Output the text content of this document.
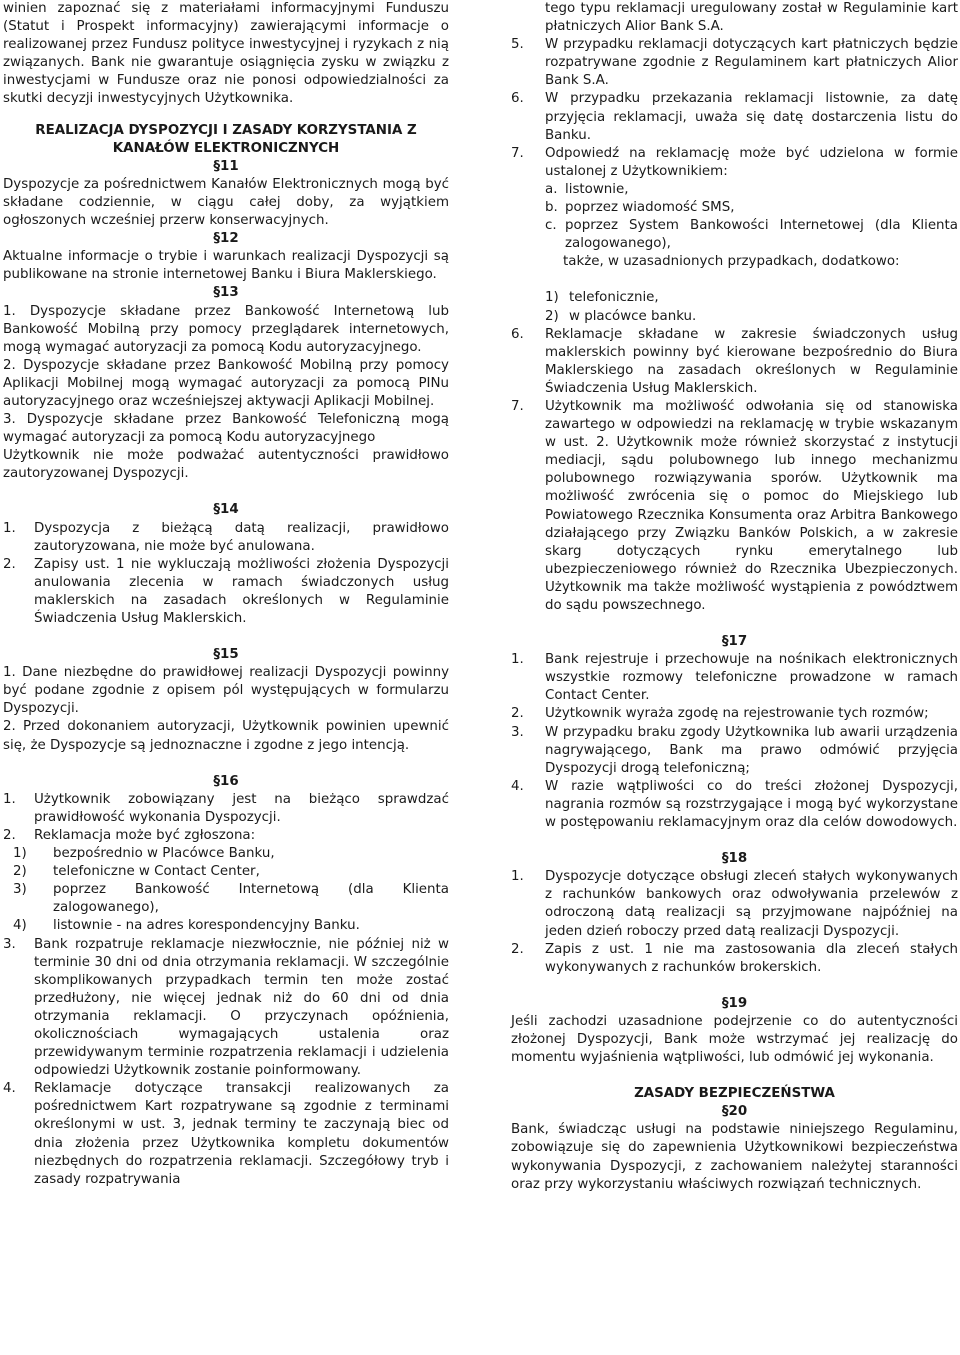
winien zapoznać się z materiałami informacyjnymi Funduszu (Statut i Prospekt informacyjny) zawierającymi informacje o realizowanej przez Fundusz polityce inwestycyjnej i ryzykach z nią związanych. Bank nie gwarantuje osiągnięcia zysku w związku z inwestycjami w Fundusze oraz nie ponosi odpowiedzialności za skutki decyzji inwestycyjnych Użytkownika.

REALIZACJA DYSPOZYCJI I ZASADY KORZYSTANIA Z KANAŁÓW ELEKTRONICZNYCH

§11

Dyspozycje za pośrednictwem Kanałów Elektronicznych mogą być składane codziennie, w ciągu całej doby, za wyjątkiem ogłoszonych wcześniej przerw konserwacyjnych.

§12

Aktualne informacje o trybie i warunkach realizacji Dyspozycji są publikowane na stronie internetowej Banku i Biura Maklerskiego.

§13

1. Dyspozycje składane przez Bankowość Internetową lub Bankowość Mobilną przy pomocy przeglądarek internetowych, mogą wymagać autoryzacji za pomocą Kodu autoryzacyjnego.

2. Dyspozycje składane przez Bankowość Mobilną przy pomocy Aplikacji Mobilnej mogą wymagać autoryzacji za pomocą PINu autoryzacyjnego oraz wcześniejszej aktywacji Aplikacji Mobilnej.

3. Dyspozycje składane przez Bankowość Telefoniczną mogą wymagać autoryzacji za pomocą Kodu autoryzacyjnego

Użytkownik nie może podważać autentyczności prawidłowo zautoryzowanej Dyspozycji.

§14

1.	Dyspozycja z bieżącą datą realizacji, prawidłowo zautoryzowana, nie może być anulowana.
2.	Zapisy ust. 1 nie wykluczają możliwości złożenia Dyspozycji anulowania zlecenia w ramach świadczonych usług maklerskich na zasadach określonych w Regulaminie Świadczenia Usług Maklerskich.

§15

1. Dane niezbędne do prawidłowej realizacji Dyspozycji powinny być podane zgodnie z opisem pól występujących w formularzu Dyspozycji.

2. Przed dokonaniem autoryzacji, Użytkownik powinien upewnić się, że Dyspozycje są jednoznaczne i zgodne z jego intencją.

§16

1.	Użytkownik zobowiązany jest na bieżąco sprawdzać prawidłowość wykonania Dyspozycji.
2.	Reklamacja może być zgłoszona:
1)	bezpośrednio w Placówce Banku,
2)	telefoniczne w Contact Center,
3)	poprzez Bankowość Internetową (dla Klienta zalogowanego),
4)	listownie - na adres korespondencyjny Banku.
3.	Bank rozpatruje reklamacje niezwłocznie, nie później niż w terminie 30 dni od dnia otrzymania reklamacji. W szczególnie skomplikowanych przypadkach termin ten może zostać przedłużony, nie więcej jednak niż do 60 dni od dnia otrzymania reklamacji. O przyczynach opóźnienia, okolicznościach wymagających ustalenia oraz przewidywanym terminie rozpatrzenia reklamacji i udzielenia odpowiedzi Użytkownik zostanie poinformowany.
4.	Reklamacje dotyczące transakcji realizowanych za pośrednictwem Kart rozpatrywane są zgodnie z terminami określonymi w ust. 3, jednak terminy te zaczynają biec od dnia złożenia przez Użytkownika kompletu dokumentów niezbędnych do rozpatrzenia reklamacji. Szczegółowy tryb i zasady rozpatrywania

tego typu reklamacji uregulowany został w Regulaminie kart płatniczych Alior Bank S.A.

5.	W przypadku reklamacji dotyczących kart płatniczych będzie rozpatrywane zgodnie z Regulaminem kart płatniczych Alior Bank S.A.
6.	W przypadku przekazania reklamacji listownie, za datę przyjęcia reklamacji, uważa się datę dostarczenia listu do Banku.
7.	Odpowiedź na reklamację może być udzielona w formie ustalonej z Użytkownikiem:
a. listownie,
b. poprzez wiadomość SMS,
c. poprzez System Bankowości Internetowej (dla Klienta zalogowanego),

także, w uzasadnionych przypadkach, dodatkowo:

1) telefonicznie,
2) w placówce banku.
6.	Reklamacje składane w zakresie świadczonych usług maklerskich powinny być kierowane bezpośrednio do Biura Maklerskiego na zasadach określonych w Regulaminie Świadczenia Usług Maklerskich.
7.	Użytkownik ma możliwość odwołania się od stanowiska zawartego w odpowiedzi na reklamację w trybie wskazanym w ust. 2. Użytkownik może również skorzystać z instytucji mediacji, sądu polubownego lub innego mechanizmu polubownego rozwiązywania sporów. Użytkownik ma możliwość zwrócenia się o pomoc do Miejskiego lub Powiatowego Rzecznika Konsumenta oraz Arbitra Bankowego działającego przy Związku Banków Polskich, a w zakresie skarg dotyczących rynku emerytalnego lub ubezpieczeniowego również do Rzecznika Ubezpieczonych. Użytkownik ma także możliwość wystąpienia z powództwem do sądu powszechnego.

§17

1.	Bank rejestruje i przechowuje na nośnikach elektronicznych wszystkie rozmowy telefoniczne prowadzone w ramach Contact Center.
2.	Użytkownik wyraża zgodę na rejestrowanie tych rozmów;
3.	W przypadku braku zgody Użytkownika lub awarii urządzenia nagrywającego, Bank ma prawo odmówić przyjęcia Dyspozycji drogą telefoniczną;
4.	W razie wątpliwości co do treści złożonej Dyspozycji, nagrania rozmów są rozstrzygające i mogą być wykorzystane w postępowaniu reklamacyjnym oraz dla celów dowodowych.

§18

1.	Dyspozycje dotyczące obsługi zleceń stałych wykonywanych z rachunków bankowych oraz odwoływania przelewów z odroczoną datą realizacji są przyjmowane najpóźniej na jeden dzień roboczy przed datą realizacji Dyspozycji.
2.	Zapis z ust. 1 nie ma zastosowania dla zleceń stałych wykonywanych z rachunków brokerskich.

§19

Jeśli zachodzi uzasadnione podejrzenie co do autentyczności złożonej Dyspozycji, Bank może wstrzymać jej realizację do momentu wyjaśnienia wątpliwości, lub odmówić jej wykonania.

ZASADY BEZPIECZEŃSTWA

§20

Bank, świadcząc usługi na podstawie niniejszego Regulaminu, zobowiązuje się do zapewnienia Użytkownikowi bezpieczeństwa wykonywania Dyspozycji, z zachowaniem należytej staranności oraz przy wykorzystaniu właściwych rozwiązań technicznych.
